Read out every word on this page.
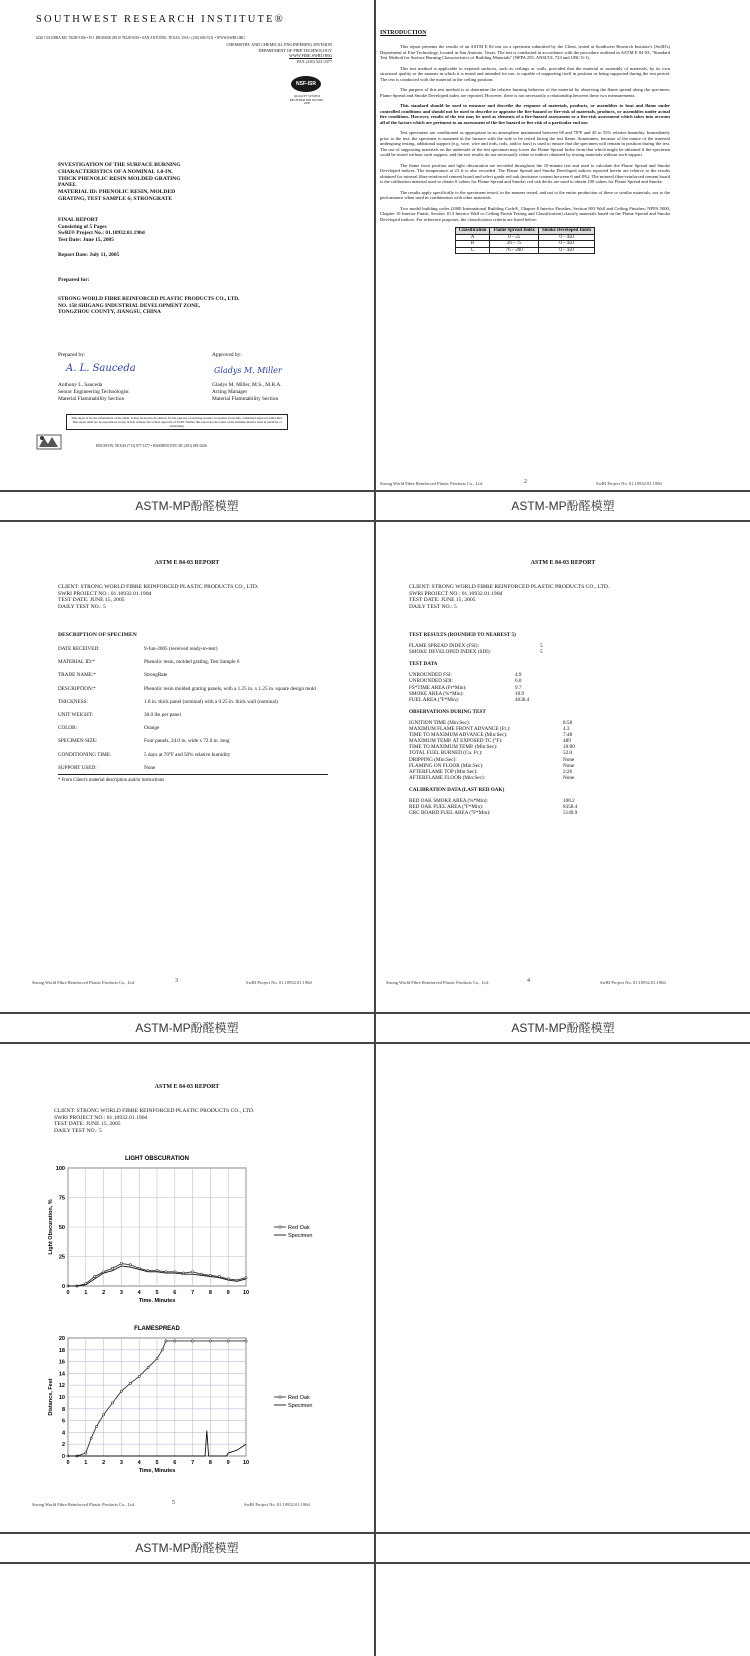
SOUTHWEST RESEARCH INSTITUTE®
6220 CULEBRA RD. 78238-5166 • P.O. DRAWER 28510 78228-0510 • SAN ANTONIO, TEXAS, USA • (210) 684-5111 • WWW.SWRI.ORG
CHEMISTRY AND CHEMICAL ENGINEERING DIVISION
DEPARTMENT OF FIRE TECHNOLOGY
WWW.FIRE.SWRI.ORG
FAX (210) 522-3377
NSF-ISR
QUALITY SYSTEM REGISTRATION ISO 9001-2000
INVESTIGATION OF THE SURFACE BURNING
CHARACTERISTICS OF A NOMINAL 1.0-IN.
THICK PHENOLIC RESIN MOLDED GRATING
PANEL
MATERIAL ID: PHENOLIC RESIN, MOLDED
GRATING, TEST SAMPLE 6; STRONGRATE
FINAL REPORT
Consisting of 5 Pages
SwRI® Project No.: 01.10932.01.190d
Test Date: June 15, 2005
Report Date: July 11, 2005
Prepared for:
STRONG WORLD FIBRE REINFORCED PLASTIC PRODUCTS CO., LTD.
NO. 158 SHIGANG INDUSTRIAL DEVELOPMENT ZONE,
TONGZHOU COUNTY, JIANGSU, CHINA
Prepared by:	Approved by:
A. L. Sauceda	Gladys M. Miller
Anthony L. Sauceda
Senior Engineering Technologist
Material Flammability Section
Gladys M. Miller, M.S., M.B.A.
Acting Manager
Material Flammability Section
This report is for the information of the client. It may be used in its entirety for the purpose of securing product acceptance from duly constituted approval authorities. This report shall not be reproduced except in full, without the written approval of SwRI. Neither this report nor the name of the Institute shall be used in publicity or advertising.
HOUSTON, TEXAS (713) 977-1377 • WASHINGTON, DC (301) 881-0226
INTRODUCTION

This report presents the results of an ASTM E 84 test on a specimen submitted by the Client, tested at Southwest Research Institute's (SwRI's) Department of Fire Technology, located in San Antonio, Texas. The test is conducted in accordance with the procedure outlined in ASTM E 84-03, "Standard Test Method for Surface Burning Characteristics of Building Materials" (NFPA 255, ANSI/UL 723 and UBC 8-1).

This test method is applicable to exposed surfaces, such as ceilings or walls, provided that the material or assembly of materials, by its own structural quality or the manner in which it is tested and intended for use, is capable of supporting itself in position or being supported during the test period. The test is conducted with the material in the ceiling position.

The purpose of this test method is to determine the relative burning behavior of the material by observing the flame spread along the specimen. Flame Spread and Smoke Developed index are reported. However, there is not necessarily a relationship between these two measurements.

This standard should be used to measure and describe the response of materials, products, or assemblies to heat and flame under controlled conditions and should not be used to describe or appraise the fire-hazard or fire-risk of materials, products, or assemblies under actual fire conditions. However, results of the test may be used as elements of a fire-hazard assessment or a fire-risk assessment which takes into account all of the factors which are pertinent to an assessment of the fire hazard or fire risk of a particular end use.

Test specimens are conditioned as appropriate in an atmosphere maintained between 68 and 78°F and 45 to 55% relative humidity. Immediately prior to the test, the specimen is mounted in the furnace with the side to be tested facing the test flame. Sometimes, because of the nature of the material undergoing testing, additional support (e.g. wire, wire and rods, rods, and/or bars) is used to ensure that the specimen will remain in position during the test. The use of supporting materials on the underside of the test specimen may lower the Flame Spread Index from that which might be obtained if the specimen could be tested without such support, and the test results do not necessarily relate to indices obtained by testing materials without such support.

The flame front position and light obscuration are recorded throughout the 10-minute test and used to calculate the Flame Spread and Smoke Developed indices. The temperature at 23 ft is also recorded. The Flame Spread and Smoke Developed indices reported herein are relative to the results obtained for mineral fiber-reinforced cement board and select grade red oak (moisture content between 6 and 8%). The mineral fiber-reinforced cement board is the calibration material used to obtain 0 values for Flame Spread and Smoke; red oak decks are used to obtain 100 values for Flame Spread and Smoke.

The results apply specifically to the specimens tested, in the manner tested, and not to the entire production of these or similar materials, nor to the performance when used in combination with other materials.

Two model building codes (2000 International Building Code®, Chapter 8 Interior Finishes, Section 803 Wall and Ceiling Finishes; NFPA 5000, Chapter 10 Interior Finish, Section 10.3 Interior Wall or Ceiling Finish Testing and Classification) classify materials based on the Flame Spread and Smoke Developed indices. For reference purposes, the classification criteria are listed below:

Classification	Flame Spread Index	Smoke Developed Index
A	0 – 25	0 – 450
B	26 – 75	0 – 450
C	76 – 200	0 – 450
Strong World Fibre Reinforced Plastic Products Co., Ltd.	2	SwRI Project No. 01.10932.01.190d
ASTM-MP酚醛模塑	ASTM-MP酚醛模塑
ASTM E 84-03 REPORT
CLIENT: STRONG WORLD FIBRE REINFORCED PLASTIC PRODUCTS CO., LTD.
SWRI PROJECT NO.: 01.10932.01.190d
TEST DATE: JUNE 15, 2005
DAILY TEST NO.: 5
DESCRIPTION OF SPECIMEN
DATE RECEIVED:	9-Jun-2005 (received ready-to-test)
MATERIAL ID:*	Phenolic resin, molded grating, Test Sample 6
TRADE NAME:*	StrongRate
DESCRIPTION:*	Phenolic resin molded grating panels, with a 1.25 in. x 1.25 in. square design mold
THICKNESS:	1.0 in. thick panel (nominal) with a 0.25 in. thick wall (nominal)
UNIT WEIGHT:	30.0 lbs per panel
COLOR:	Orange
SPECIMEN SIZE:	Four panels, 24.0 in. wide x 72.0 in. long
CONDITIONING TIME:	5 days at 70°F and 50% relative humidity
SUPPORT USED:	None
* From Client's material description and/or instructions
Strong World Fibre Reinforced Plastic Products Co., Ltd.	3	SwRI Project No. 01.10932.01.190d
ASTM E 84-03 REPORT
CLIENT: STRONG WORLD FIBRE REINFORCED PLASTIC PRODUCTS CO., LTD.
SWRI PROJECT NO.: 01.10932.01.190d
TEST DATE: JUNE 15, 2005
DAILY TEST NO.: 5
TEST RESULTS (ROUNDED TO NEAREST 5)
FLAME SPREAD INDEX (FSI):	5
SMOKE DEVELOPED INDEX (SDI):	5
TEST DATA
UNROUNDED FSI:	4.9
UNROUNDED SDI:	6.0
FS*TIME AREA (Ft*Min):	9.7
SMOKE AREA (%*Min):	10.9
FUEL AREA (°F*Min):	4030.4
OBSERVATIONS DURING TEST
IGNITION TIME (Min:Sec):	8:58
MAXIMUM FLAME FRONT ADVANCE (Ft.):	4.3
TIME TO MAXIMUM ADVANCE (Min:Sec):	7:48
MAXIMUM TEMP. AT EXPOSED TC (°F):	489
TIME TO MAXIMUM TEMP. (Min:Sec):	10:00
TOTAL FUEL BURNED (Cu. Ft.):	52.0
DRIPPING (Min:Sec):	None
FLAMING ON FLOOR (Min:Sec):	None
AFTERFLAME TOP (Min:Sec):	2:26
AFTERFLAME FLOOR (Min:Sec):	None
CALIBRATION DATA (LAST RED OAK)
RED OAK SMOKE AREA (%*Min):	100.2
RED OAK FUEL AREA (°F*Min):	8358.4
GRC BOARD FUEL AREA (°F*Min):	5149.9
Strong World Fibre Reinforced Plastic Products Co., Ltd.	4	SwRI Project No. 01.10932.01.190d
ASTM-MP酚醛模塑	ASTM-MP酚醛模塑
ASTM E 84-03 REPORT
CLIENT: STRONG WORLD FIBRE REINFORCED PLASTIC PRODUCTS CO., LTD.
SWRI PROJECT NO.: 01.10932.01.190d
TEST DATE: JUNE 15, 2005
DAILY TEST NO.: 5
LIGHT OBSCURATION
0	1	2	3	4	5	6	7	8	9 10
0
25
50
75
100
Time, Minutes
Light Obscuration, %	Red Oak
Specimen
FLAMESPREAD
0	1	2	3	4	5	6	7	8	9 10
0
2
4
6
8
10
12
14
16
18
20
Time, Minutes
Distance, Feet	Red Oak
Specimen
Strong World Fibre Reinforced Plastic Products Co., Ltd.	5	SwRI Project No. 01.10932.01.190d
ASTM-MP酚醛模塑
